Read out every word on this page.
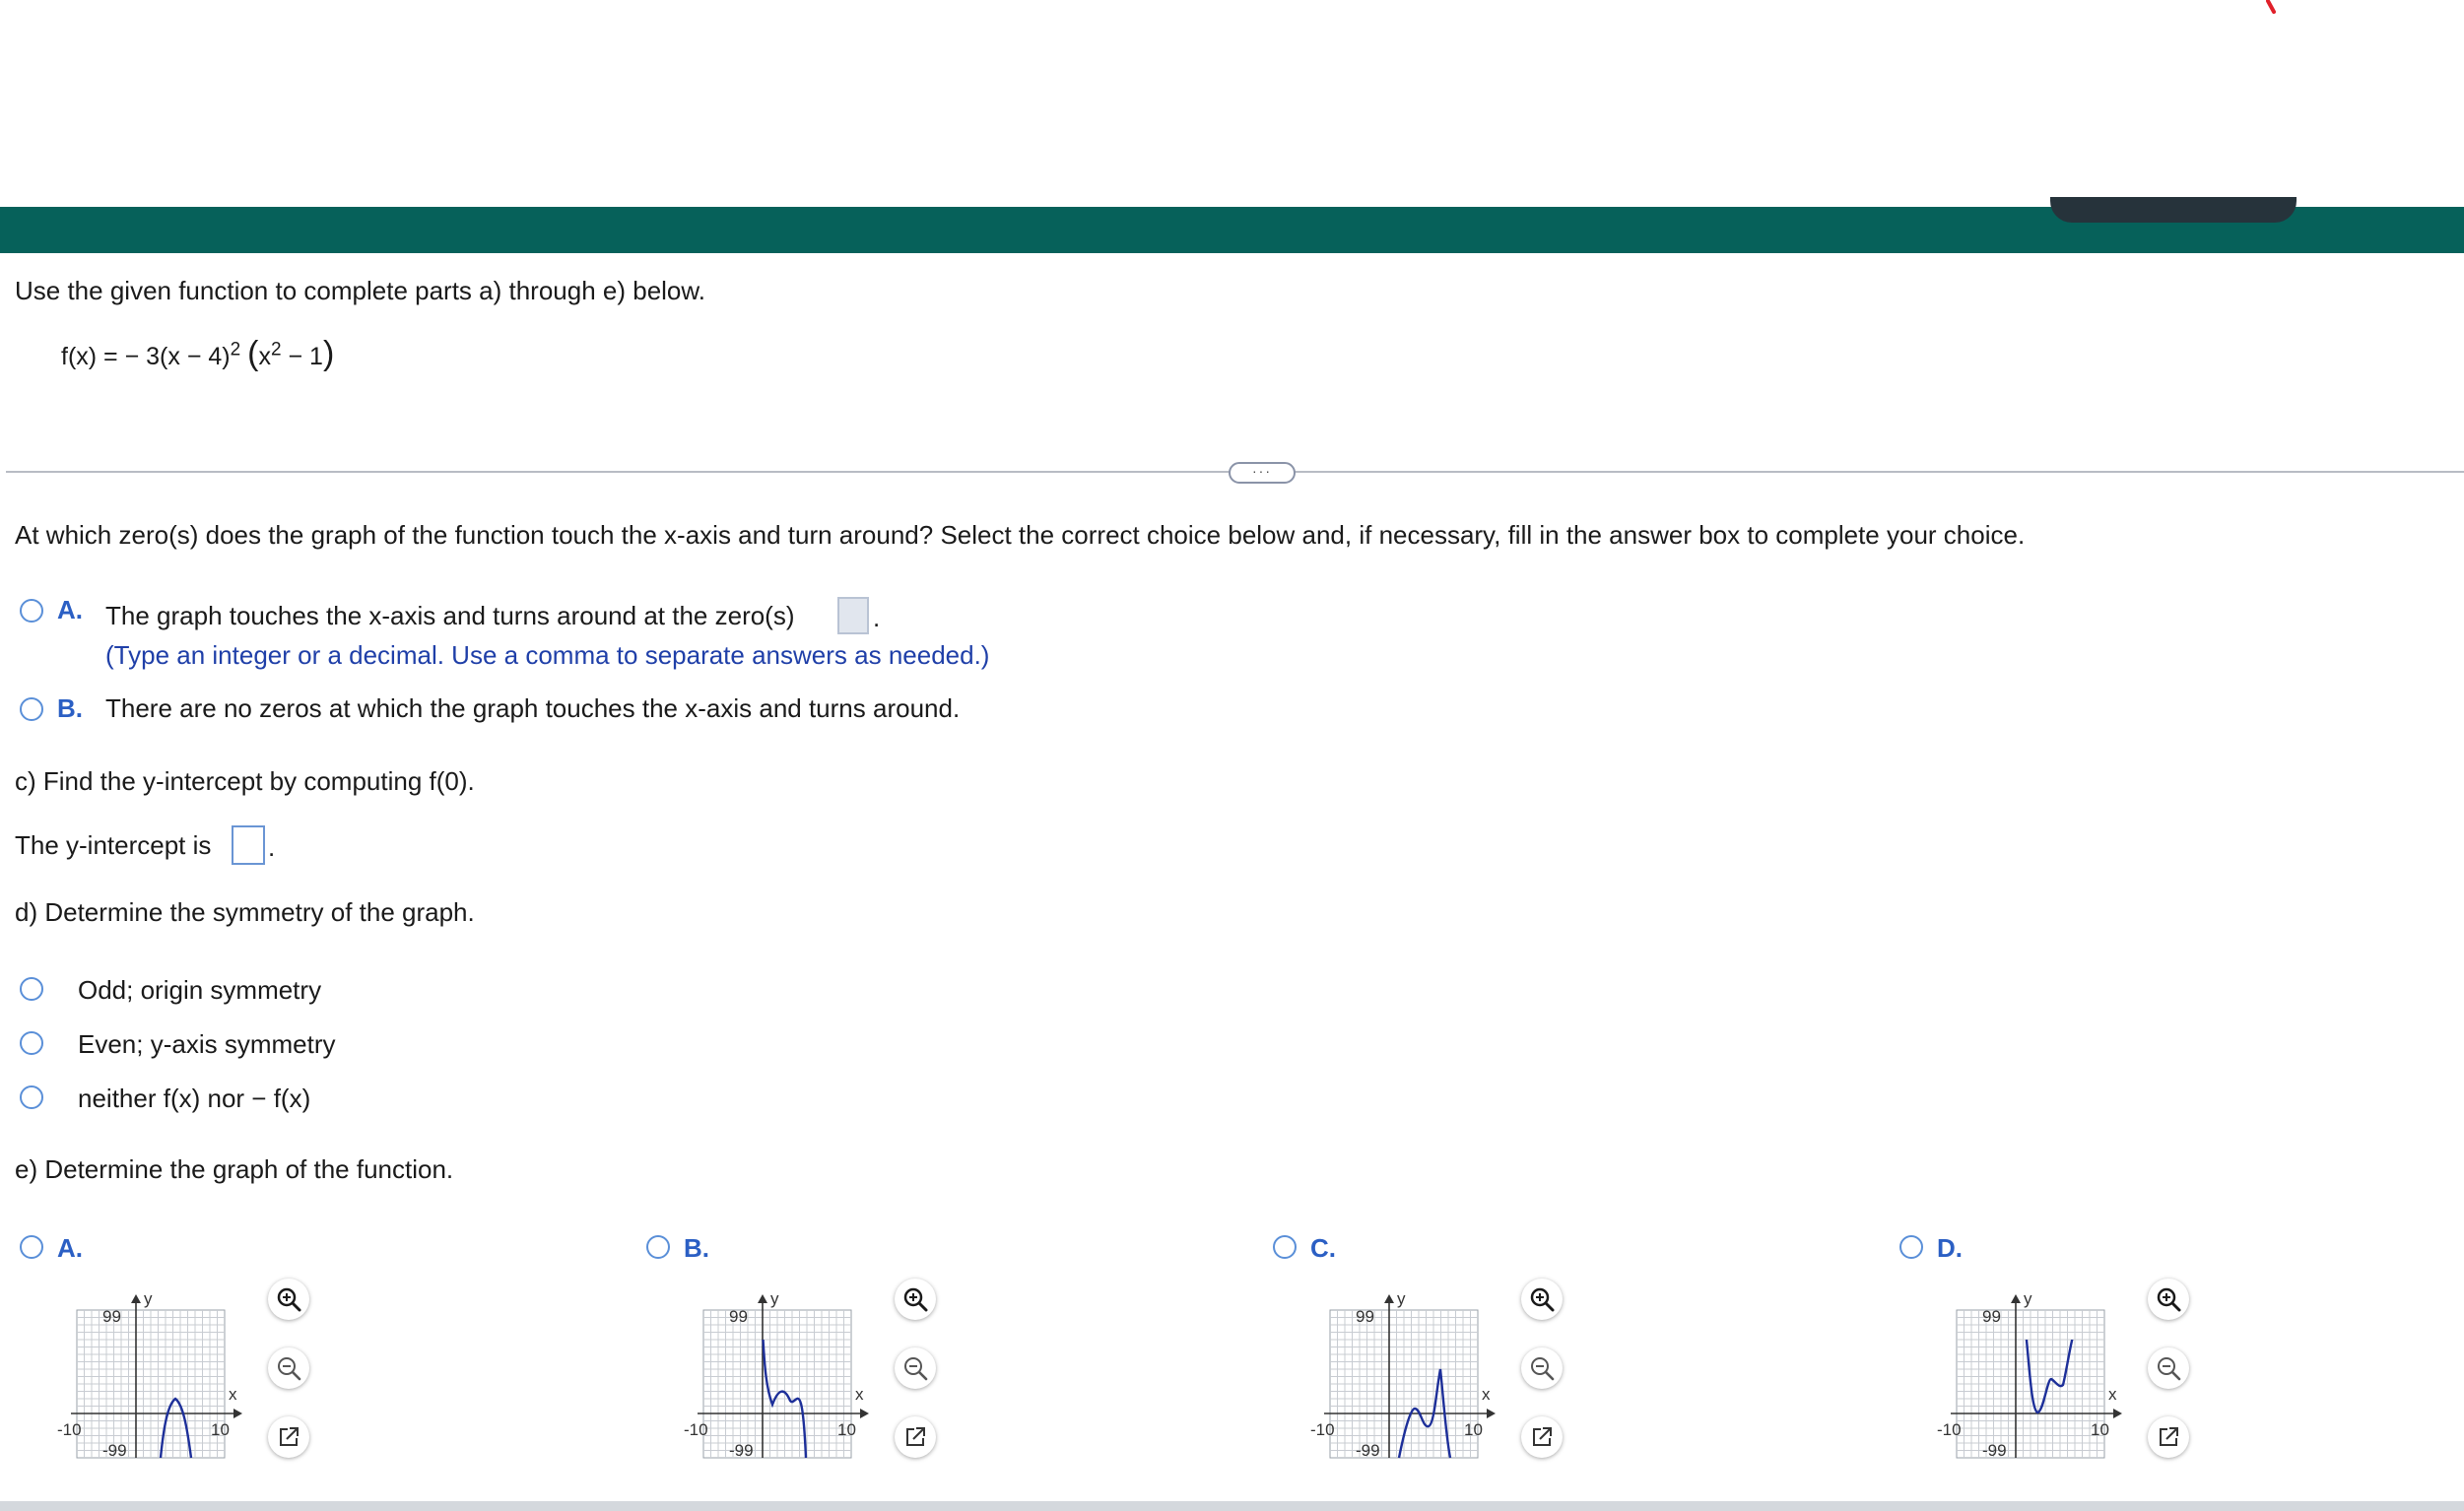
Use the given function to complete parts a) through e) below.
f(x) = − $3(x - 4)^2$ $(x^2 - 1)$
···
At which zero(s) does the graph of the function touch the x-axis and turn around? Select the correct choice below and, if necessary, fill in the answer box to complete your choice.
A. The graph touches the x-axis and turns around at the zero(s)	.
(Type an integer or a decimal. Use a comma to separate answers as needed.)
B. There are no zeros at which the graph touches the x-axis and turns around.
c) Find the y-intercept by computing f(0).
The y-intercept is .
d) Determine the symmetry of the graph.
Odd; origin symmetry
Even; y-axis symmetry
neither f(x) nor − f(x)
e) Determine the graph of the function.
A.
y
99
-99
-10	10
x
B.
y
99
-99
-10	10
x
C.
y
99
-99
-10	10
x
D.
y
99
-99
-10	10
x
